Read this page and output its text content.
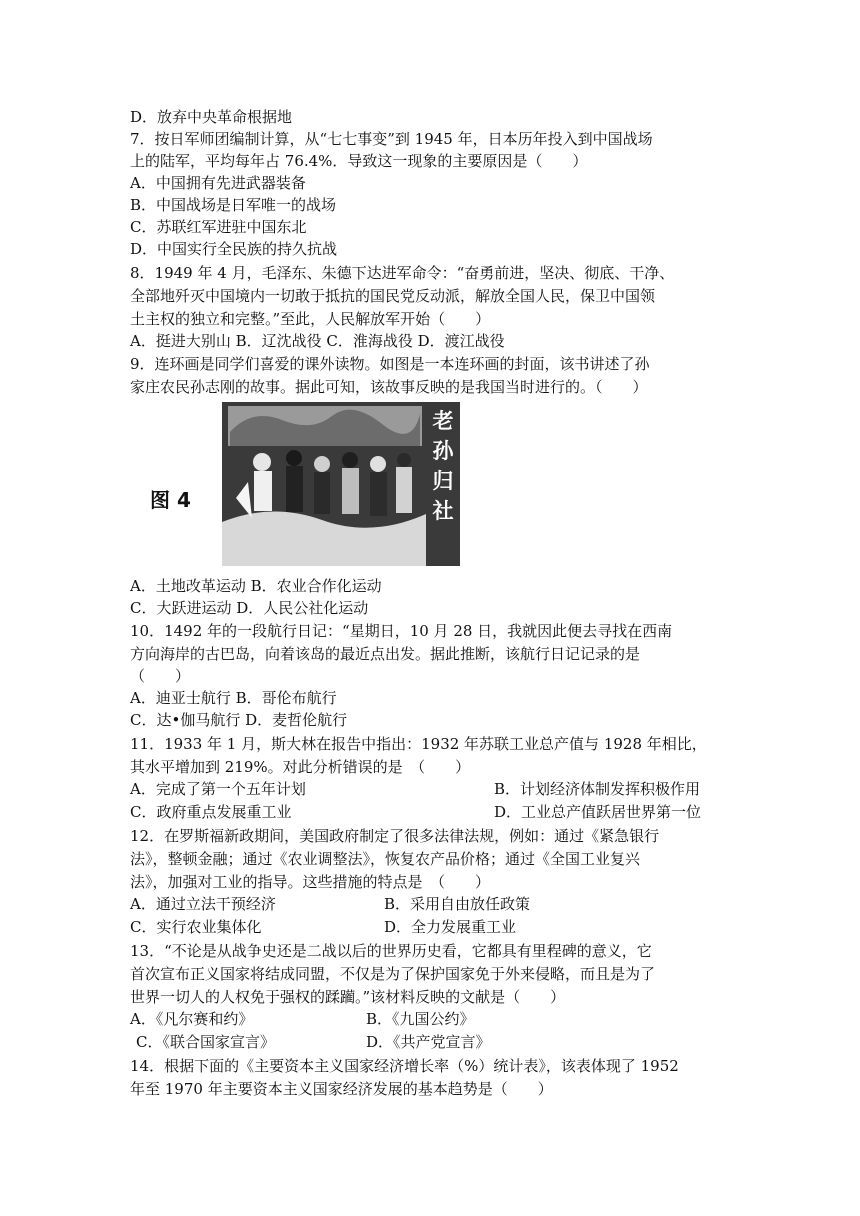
D．放弃中央革命根据地

7．按日军师团编制计算，从“七七事变”到 1945 年，日本历年投入到中国战场

上的陆军，平均每年占 76.4%．导致这一现象的主要原因是（　　）

A．中国拥有先进武器装备

B．中国战场是日军唯一的战场

C．苏联红军进驻中国东北

D．中国实行全民族的持久抗战

8．1949 年 4 月，毛泽东、朱德下达进军命令：“奋勇前进，坚决、彻底、干净、

全部地歼灭中国境内一切敢于抵抗的国民党反动派，解放全国人民，保卫中国领

土主权的独立和完整。”至此，人民解放军开始（　　）

A．挺进大别山 B．辽沈战役 C．淮海战役 D．渡江战役

9．连环画是同学们喜爱的课外读物。如图是一本连环画的封面，该书讲述了孙

家庄农民孙志刚的故事。据此可知，该故事反映的是我国当时进行的。（　　）

图 4
老孙归社

A．土地改革运动 B．农业合作化运动

C．大跃进运动 D．人民公社化运动

10．1492 年的一段航行日记：“星期日，10 月 28 日，我就因此便去寻找在西南

方向海岸的古巴岛，向着该岛的最近点出发。据此推断，该航行日记记录的是

（　　）

A．迪亚士航行 B．哥伦布航行

C．达•伽马航行 D．麦哲伦航行

11．1933 年 1 月，斯大林在报告中指出：1932 年苏联工业总产值与 1928 年相比，

其水平增加到 219%。对此分析错误的是　（　　）

A．完成了第一个五年计划	B．计划经济体制发挥积极作用

C．政府重点发展重工业	D．工业总产值跃居世界第一位

12．在罗斯福新政期间，美国政府制定了很多法律法规，例如：通过《紧急银行

法》，整顿金融；通过《农业调整法》，恢复农产品价格；通过《全国工业复兴

法》，加强对工业的指导。这些措施的特点是　（　　）

A．通过立法干预经济	B．采用自由放任政策

C．实行农业集体化	D．全力发展重工业

13．“不论是从战争史还是二战以后的世界历史看，它都具有里程碑的意义，它

首次宣布正义国家将结成同盟，不仅是为了保护国家免于外来侵略，而且是为了

世界一切人的人权免于强权的蹂躏。”该材料反映的文献是（　　）

A．《凡尔赛和约》	B．《九国公约》

C．《联合国家宣言》	D．《共产党宣言》

14．根据下面的《主要资本主义国家经济增长率（%）统计表》，该表体现了 1952

年至 1970 年主要资本主义国家经济发展的基本趋势是（　　）
